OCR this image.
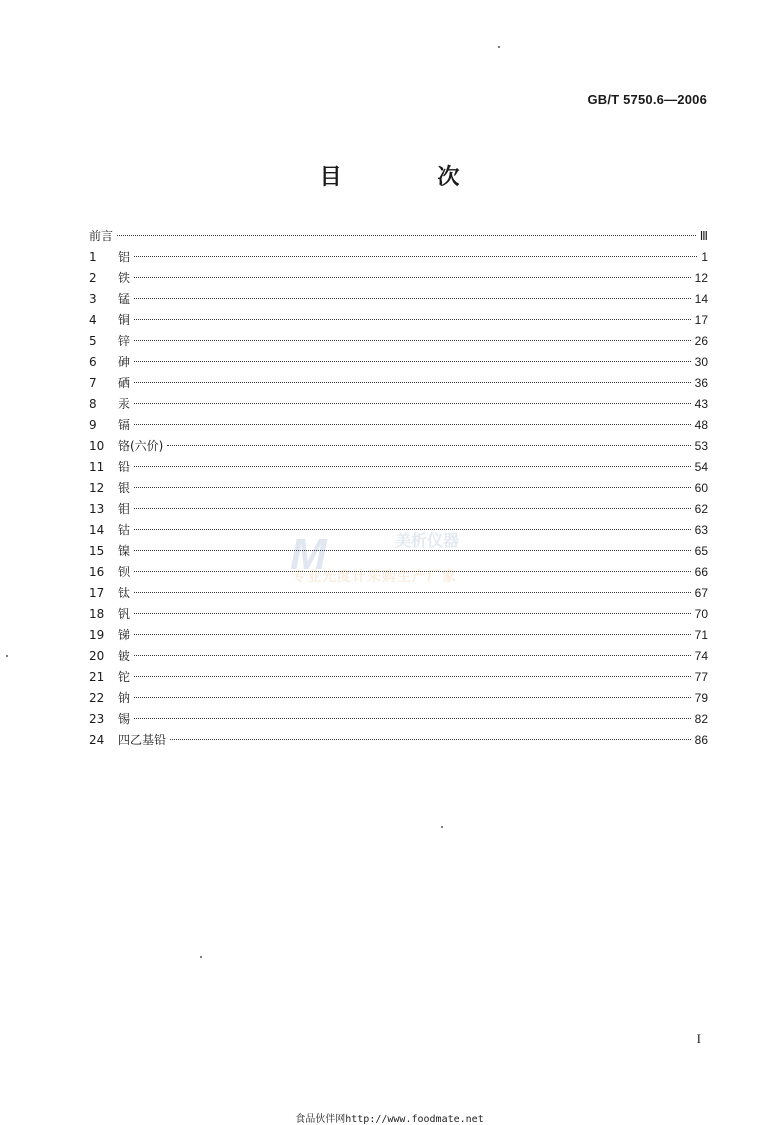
GB/T 5750.6—2006
目 次
M	美析仪器
专业光度计采购生产厂家
前言	Ⅲ
1	铝	1
2	铁	12
3	锰	14
4	铜	17
5	锌	26
6	砷	30
7	硒	36
8	汞	43
9	镉	48
10	铬(六价)	53
11	铅	54
12	银	60
13	钼	62
14	钴	63
15	镍	65
16	钡	66
17	钛	67
18	钒	70
19	锑	71
20	铍	74
21	铊	77
22	钠	79
23	锡	82
24	四乙基铅	86
I
食品伙伴网http://www.foodmate.net
